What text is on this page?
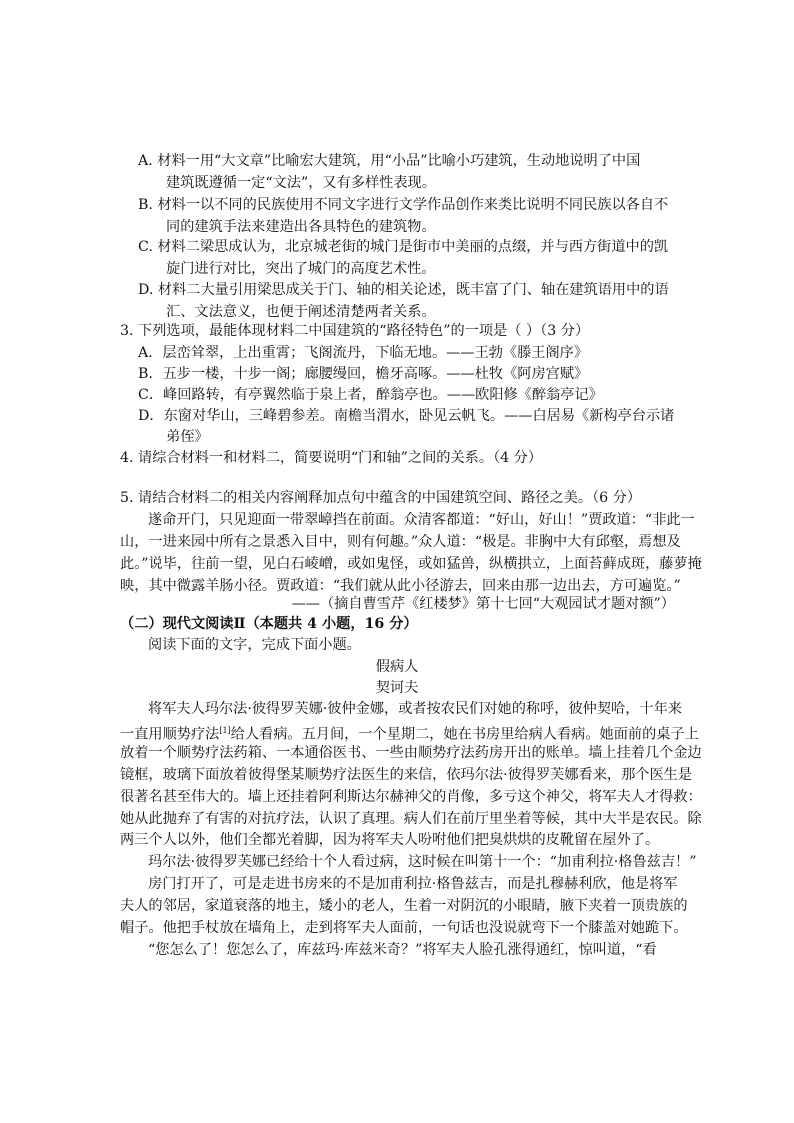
A. 材料一用“大文章”比喻宏大建筑，用“小品”比喻小巧建筑，生动地说明了中国
建筑既遵循一定“文法”，又有多样性表现。
B. 材料一以不同的民族使用不同文字进行文学作品创作来类比说明不同民族以各自不
同的建筑手法来建造出各具特色的建筑物。
C. 材料二梁思成认为，北京城老街的城门是街市中美丽的点缀，并与西方街道中的凯
旋门进行对比，突出了城门的高度艺术性。
D. 材料二大量引用梁思成关于门、轴的相关论述，既丰富了门、轴在建筑语用中的语
汇、文法意义，也便于阐述清楚两者关系。
3. 下列选项，最能体现材料二中国建筑的“路径特色”的一项是（ ）（3 分）
A．层峦耸翠，上出重霄；飞阁流丹，下临无地。——王勃《滕王阁序》
B．五步一楼，十步一阁；廊腰缦回，檐牙高啄。——杜牧《阿房宫赋》
C．峰回路转，有亭翼然临于泉上者，醉翁亭也。——欧阳修《醉翁亭记》
D．东窗对华山，三峰碧参差。南檐当渭水，卧见云帆飞。——白居易《新构亭台示诸
弟侄》
4. 请综合材料一和材料二，简要说明“门和轴”之间的关系。（4 分）
5. 请结合材料二的相关内容阐释加点句中蕴含的中国建筑空间、路径之美。（6 分）
遂命开门，只见迎面一带翠嶂挡在前面。众清客都道：“好山，好山！”贾政道：“非此一
山，一进来园中所有之景悉入目中，则有何趣。”众人道：“极是。非胸中大有邱壑，焉想及
此。”说毕，往前一望，见白石崚嶒，或如鬼怪，或如猛兽，纵横拱立，上面苔藓成斑，藤萝掩
映，其中微露羊肠小径。贾政道：“我们就从此小径游去，回来由那一边出去，方可遍览。”
——（摘自曹雪芹《红楼梦》第十七回“大观园试才题对额”）
（二）现代文阅读Ⅱ（本题共 4 小题，16 分）
阅读下面的文字，完成下面小题。
假病人
契诃夫
将军夫人玛尔法·彼得罗芙娜·彼仲金娜，或者按农民们对她的称呼，彼仲契哈，十年来
一直用顺势疗法[1]给人看病。五月间，一个星期二，她在书房里给病人看病。她面前的桌子上
放着一个顺势疗法药箱、一本通俗医书、一些由顺势疗法药房开出的账单。墙上挂着几个金边
镜框，玻璃下面放着彼得堡某顺势疗法医生的来信，依玛尔法·彼得罗芙娜看来，那个医生是
很著名甚至伟大的。墙上还挂着阿利斯达尔赫神父的肖像，多亏这个神父，将军夫人才得救：
她从此抛弃了有害的对抗疗法，认识了真理。病人们在前厅里坐着等候，其中大半是农民。除
两三个人以外，他们全都光着脚，因为将军夫人吩咐他们把臭烘烘的皮靴留在屋外了。
玛尔法·彼得罗芙娜已经给十个人看过病，这时候在叫第十一个：“加甫利拉·格鲁兹吉！”
房门打开了，可是走进书房来的不是加甫利拉·格鲁兹吉，而是扎穆赫利欣，他是将军
夫人的邻居，家道衰落的地主，矮小的老人，生着一对阴沉的小眼睛，腋下夹着一顶贵族的
帽子。他把手杖放在墙角上，走到将军夫人面前，一句话也没说就弯下一个膝盖对她跪下。
“您怎么了！您怎么了，库兹玛·库兹米奇？”将军夫人脸孔涨得通红，惊叫道，“看
